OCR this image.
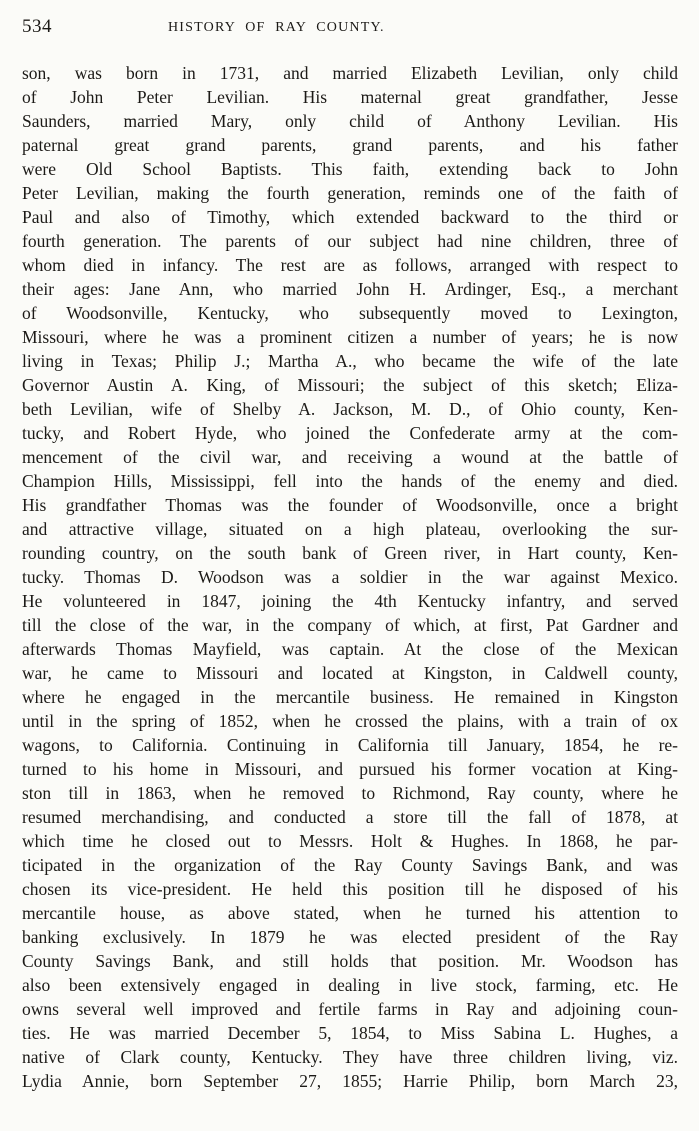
534	HISTORY OF RAY COUNTY.
son, was born in 1731, and married Elizabeth Levilian, only child
of John Peter Levilian. His maternal great grandfather, Jesse
Saunders, married Mary, only child of Anthony Levilian. His
paternal great grand parents, grand parents, and his father
were Old School Baptists. This faith, extending back to John
Peter Levilian, making the fourth generation, reminds one of the faith of
Paul and also of Timothy, which extended backward to the third or
fourth generation. The parents of our subject had nine children, three of
whom died in infancy. The rest are as follows, arranged with respect to
their ages: Jane Ann, who married John H. Ardinger, Esq., a merchant
of Woodsonville, Kentucky, who subsequently moved to Lexington,
Missouri, where he was a prominent citizen a number of years; he is now
living in Texas; Philip J.; Martha A., who became the wife of the late
Governor Austin A. King, of Missouri; the subject of this sketch; Eliza-
beth Levilian, wife of Shelby A. Jackson, M. D., of Ohio county, Ken-
tucky, and Robert Hyde, who joined the Confederate army at the com-
mencement of the civil war, and receiving a wound at the battle of
Champion Hills, Mississippi, fell into the hands of the enemy and died.
His grandfather Thomas was the founder of Woodsonville, once a bright
and attractive village, situated on a high plateau, overlooking the sur-
rounding country, on the south bank of Green river, in Hart county, Ken-
tucky. Thomas D. Woodson was a soldier in the war against Mexico.
He volunteered in 1847, joining the 4th Kentucky infantry, and served
till the close of the war, in the company of which, at first, Pat Gardner and
afterwards Thomas Mayfield, was captain. At the close of the Mexican
war, he came to Missouri and located at Kingston, in Caldwell county,
where he engaged in the mercantile business. He remained in Kingston
until in the spring of 1852, when he crossed the plains, with a train of ox
wagons, to California. Continuing in California till January, 1854, he re-
turned to his home in Missouri, and pursued his former vocation at King-
ston till in 1863, when he removed to Richmond, Ray county, where he
resumed merchandising, and conducted a store till the fall of 1878, at
which time he closed out to Messrs. Holt & Hughes. In 1868, he par-
ticipated in the organization of the Ray County Savings Bank, and was
chosen its vice-president. He held this position till he disposed of his
mercantile house, as above stated, when he turned his attention to
banking exclusively. In 1879 he was elected president of the Ray
County Savings Bank, and still holds that position. Mr. Woodson has
also been extensively engaged in dealing in live stock, farming, etc. He
owns several well improved and fertile farms in Ray and adjoining coun-
ties. He was married December 5, 1854, to Miss Sabina L. Hughes, a
native of Clark county, Kentucky. They have three children living, viz.
Lydia Annie, born September 27, 1855; Harrie Philip, born March 23,
